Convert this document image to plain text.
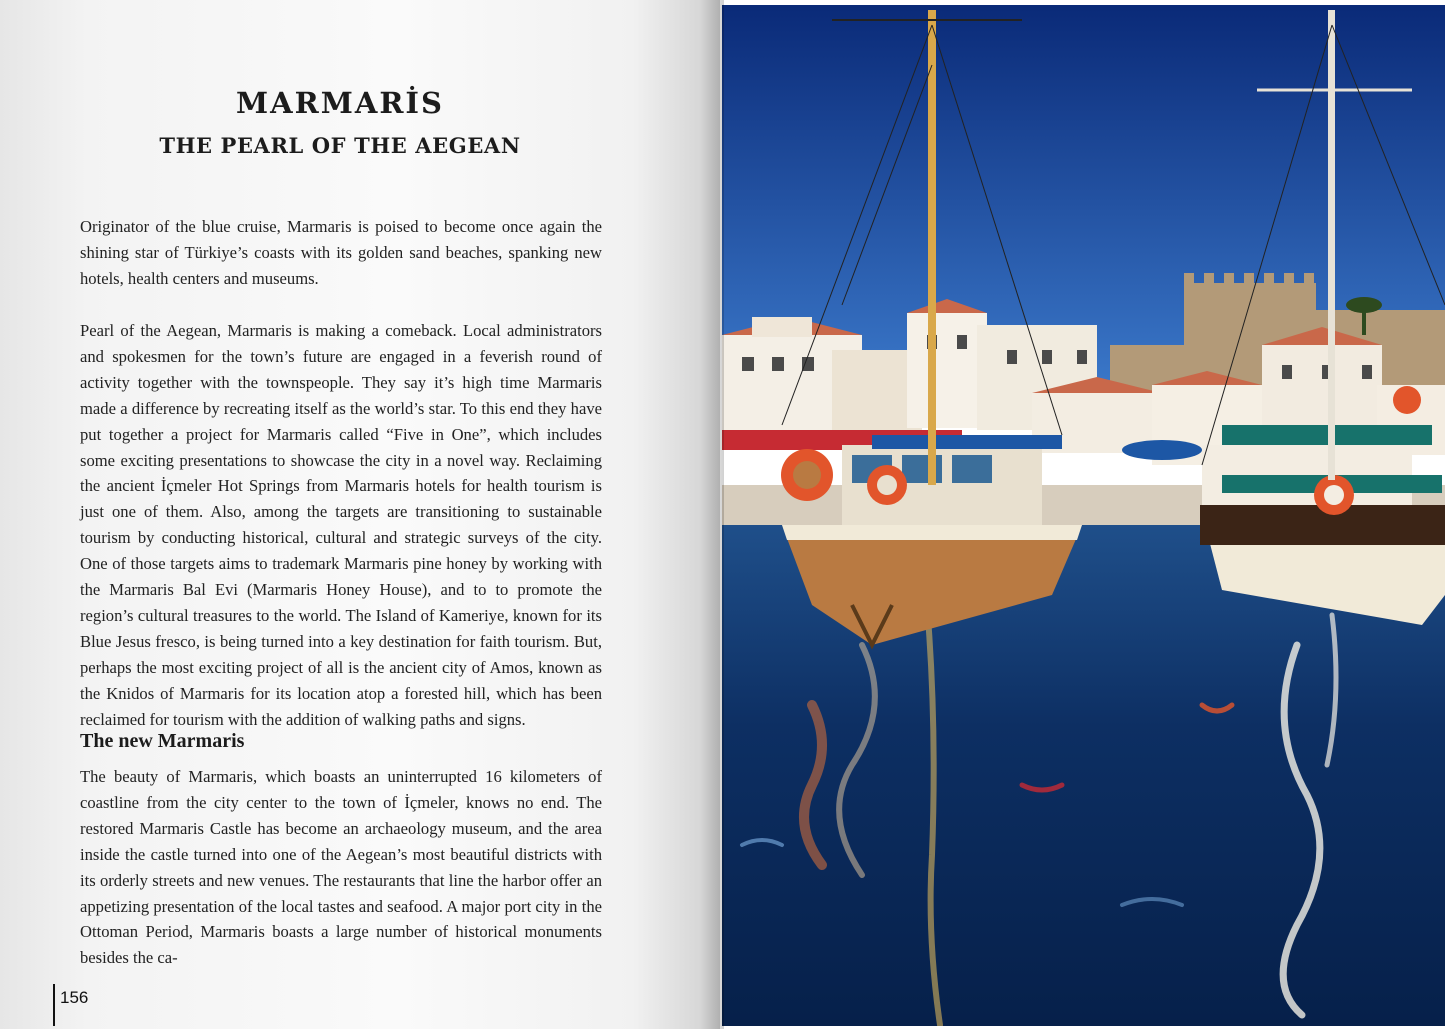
MARMARİS
THE PEARL OF THE AEGEAN

Originator of the blue cruise, Marmaris is poised to become once again the shining star of Türkiye’s coasts with its golden sand beaches, spanking new hotels, health centers and museums.

Pearl of the Aegean, Marmaris is making a comeback. Local administrators and spokesmen for the town’s future are engaged in a feverish round of activity together with the townspeople. They say it’s high time Marmaris made a difference by recreating itself as the world’s star. To this end they have put together a project for Marmaris called “Five in One”, which includes some exciting presentations to showcase the city in a novel way. Reclaiming the ancient İçmeler Hot Springs from Marmaris hotels for health tourism is just one of them. Also, among the targets are transitioning to sustainable tourism by conducting historical, cultural and strategic surveys of the city. One of those targets aims to trademark Marmaris pine honey by working with the Marmaris Bal Evi (Marmaris Honey House), and to to promote the region’s cultural treasures to the world. The Island of Kameriye, known for its Blue Jesus fresco, is being turned into a key destination for faith tourism. But, perhaps the most exciting project of all is the ancient city of Amos, known as the Knidos of Marmaris for its location atop a forested hill, which has been reclaimed for tourism with the addition of walking paths and signs.

The new Marmaris

The beauty of Marmaris, which boasts an uninterrupted 16 kilometers of coastline from the city center to the town of İçmeler, knows no end. The restored Marmaris Castle has become an archaeology museum, and the area inside the castle turned into one of the Aegean’s most beautiful districts with its orderly streets and new venues. The restaurants that line the harbor offer an appetizing presentation of the local tastes and seafood. A major port city in the Ottoman Period, Marmaris boasts a large number of historical monuments besides the ca-

156
